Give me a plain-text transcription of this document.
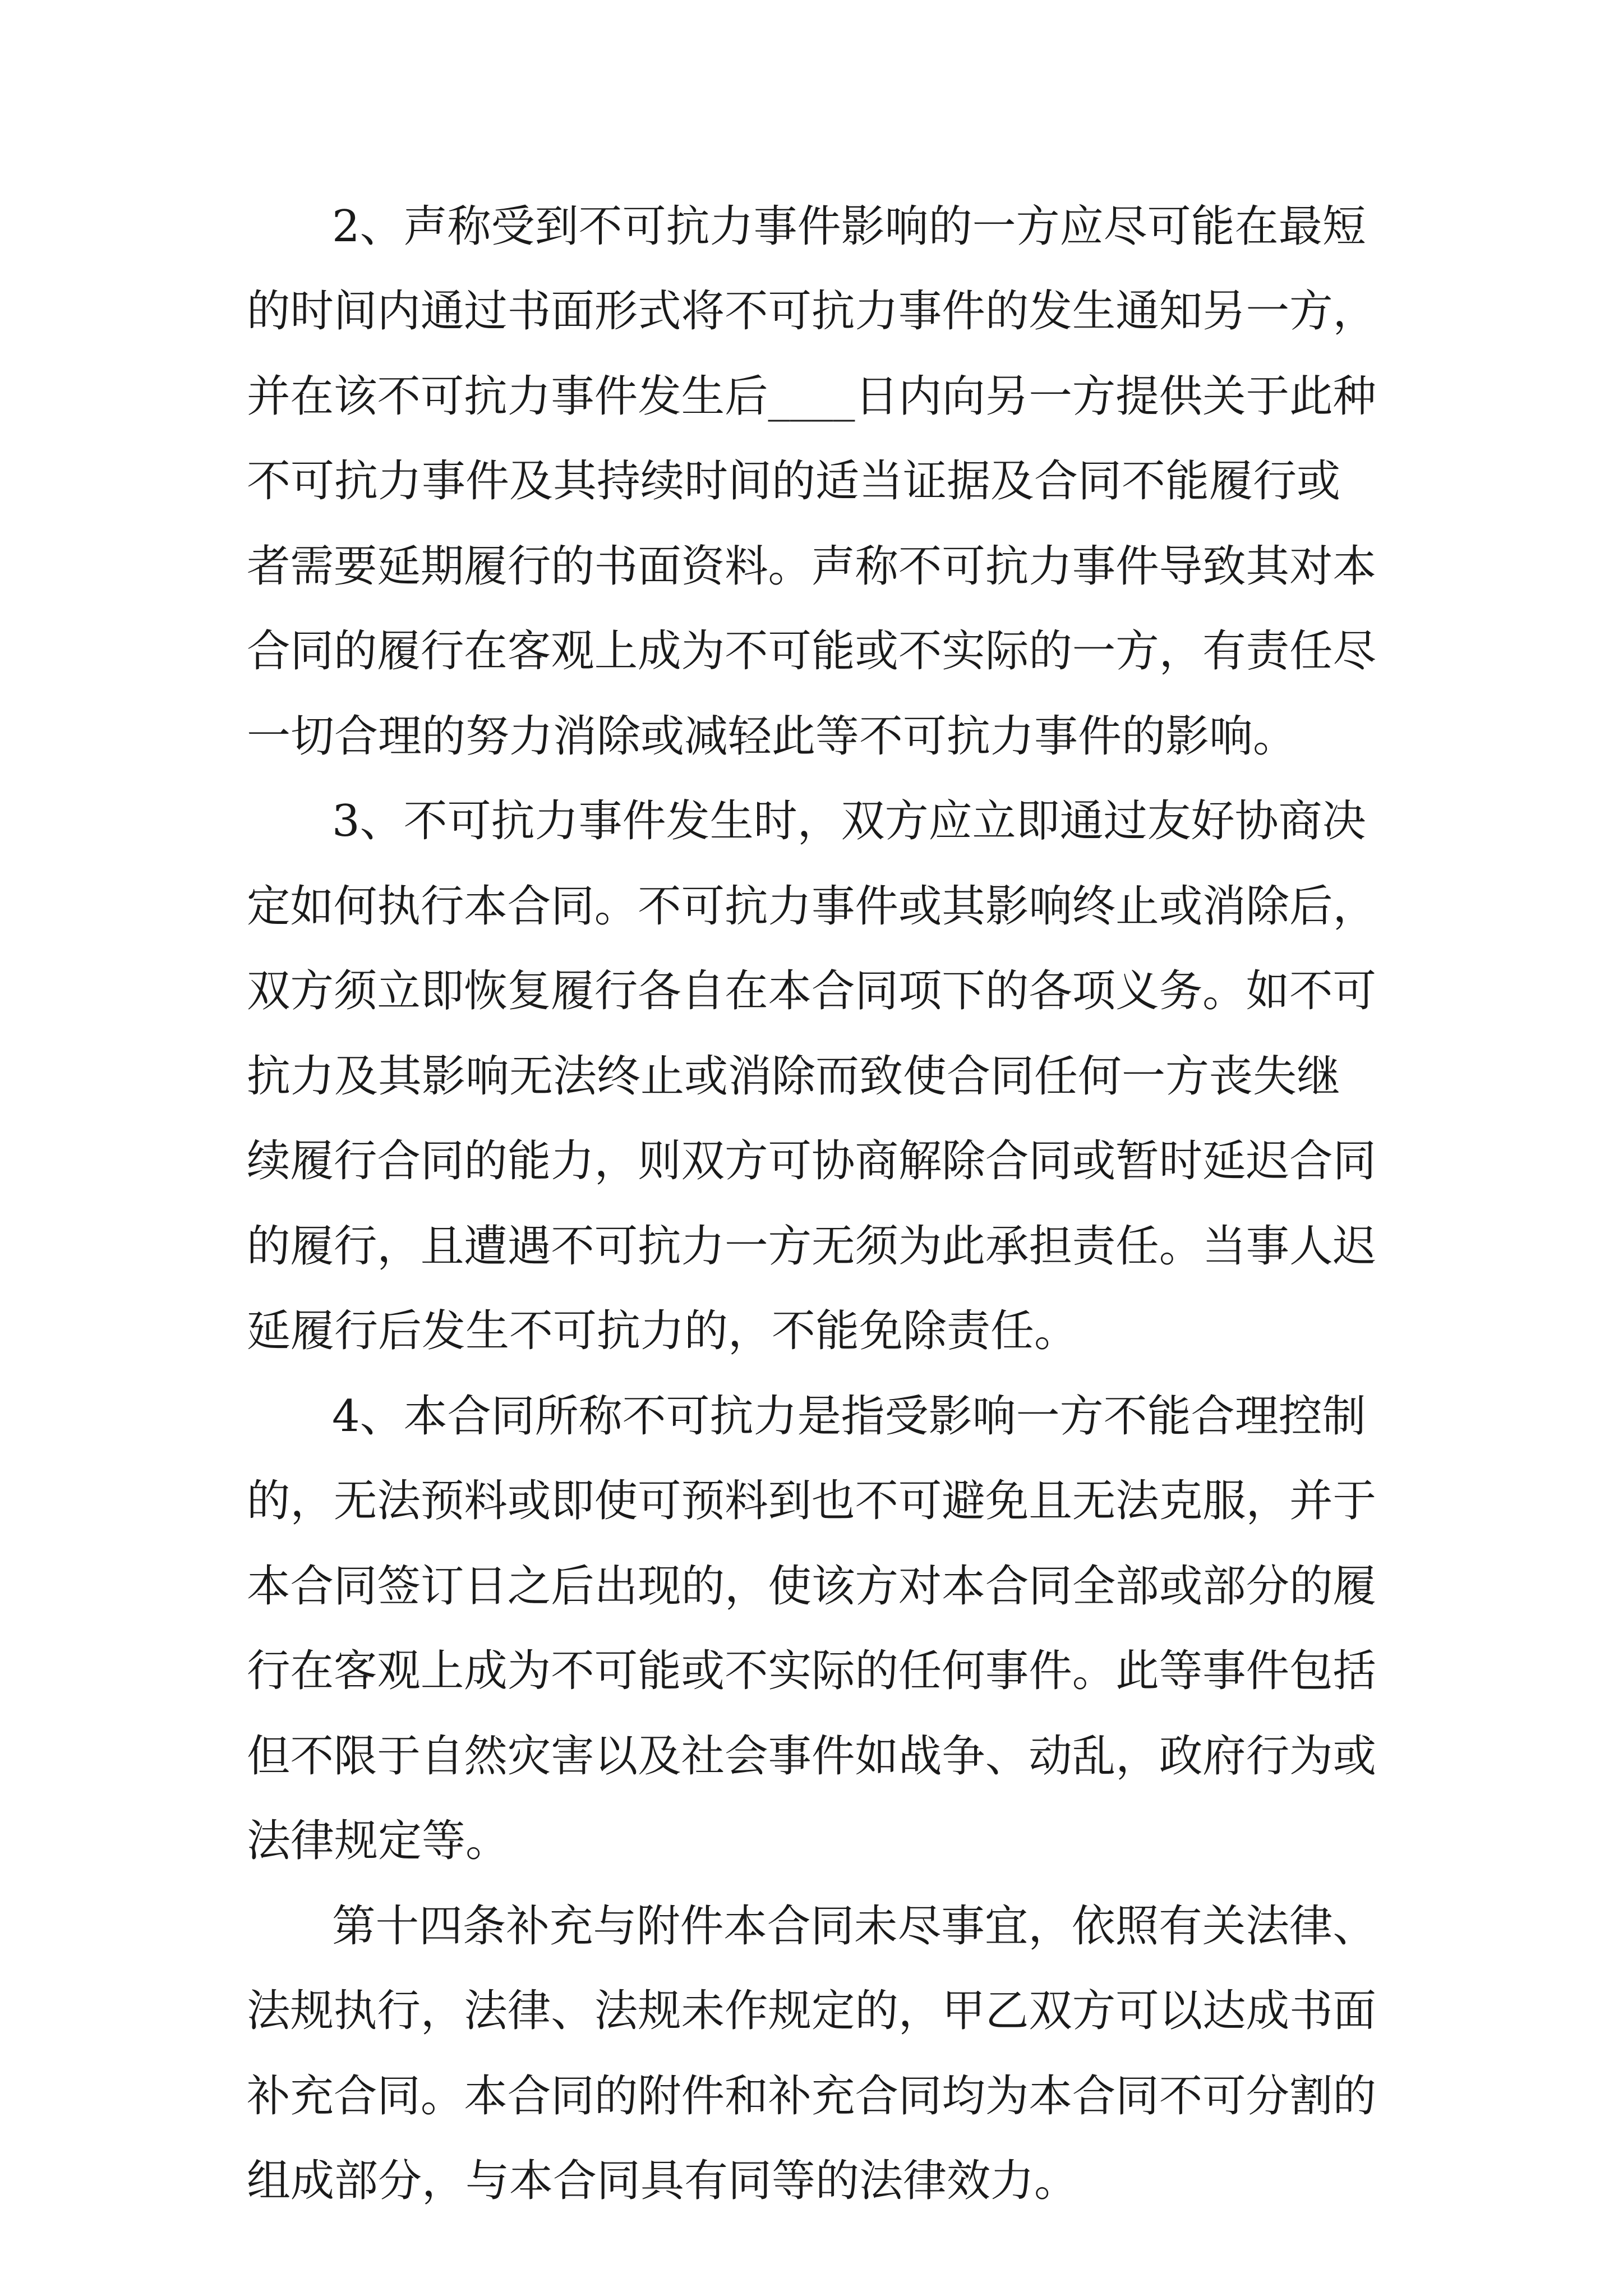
2、声称受到不可抗力事件影响的一方应尽可能在最短

的时间内通过书面形式将不可抗力事件的发生通知另一方，

并在该不可抗力事件发生后____日内向另一方提供关于此种

不可抗力事件及其持续时间的适当证据及合同不能履行或

者需要延期履行的书面资料。声称不可抗力事件导致其对本

合同的履行在客观上成为不可能或不实际的一方，有责任尽

一切合理的努力消除或减轻此等不可抗力事件的影响。

3、不可抗力事件发生时，双方应立即通过友好协商决

定如何执行本合同。不可抗力事件或其影响终止或消除后，

双方须立即恢复履行各自在本合同项下的各项义务。如不可

抗力及其影响无法终止或消除而致使合同任何一方丧失继

续履行合同的能力，则双方可协商解除合同或暂时延迟合同

的履行，且遭遇不可抗力一方无须为此承担责任。当事人迟

延履行后发生不可抗力的，不能免除责任。

4、本合同所称不可抗力是指受影响一方不能合理控制

的，无法预料或即使可预料到也不可避免且无法克服，并于

本合同签订日之后出现的，使该方对本合同全部或部分的履

行在客观上成为不可能或不实际的任何事件。此等事件包括

但不限于自然灾害以及社会事件如战争、动乱，政府行为或

法律规定等。

第十四条补充与附件本合同未尽事宜，依照有关法律、

法规执行，法律、法规未作规定的，甲乙双方可以达成书面

补充合同。本合同的附件和补充合同均为本合同不可分割的

组成部分，与本合同具有同等的法律效力。
